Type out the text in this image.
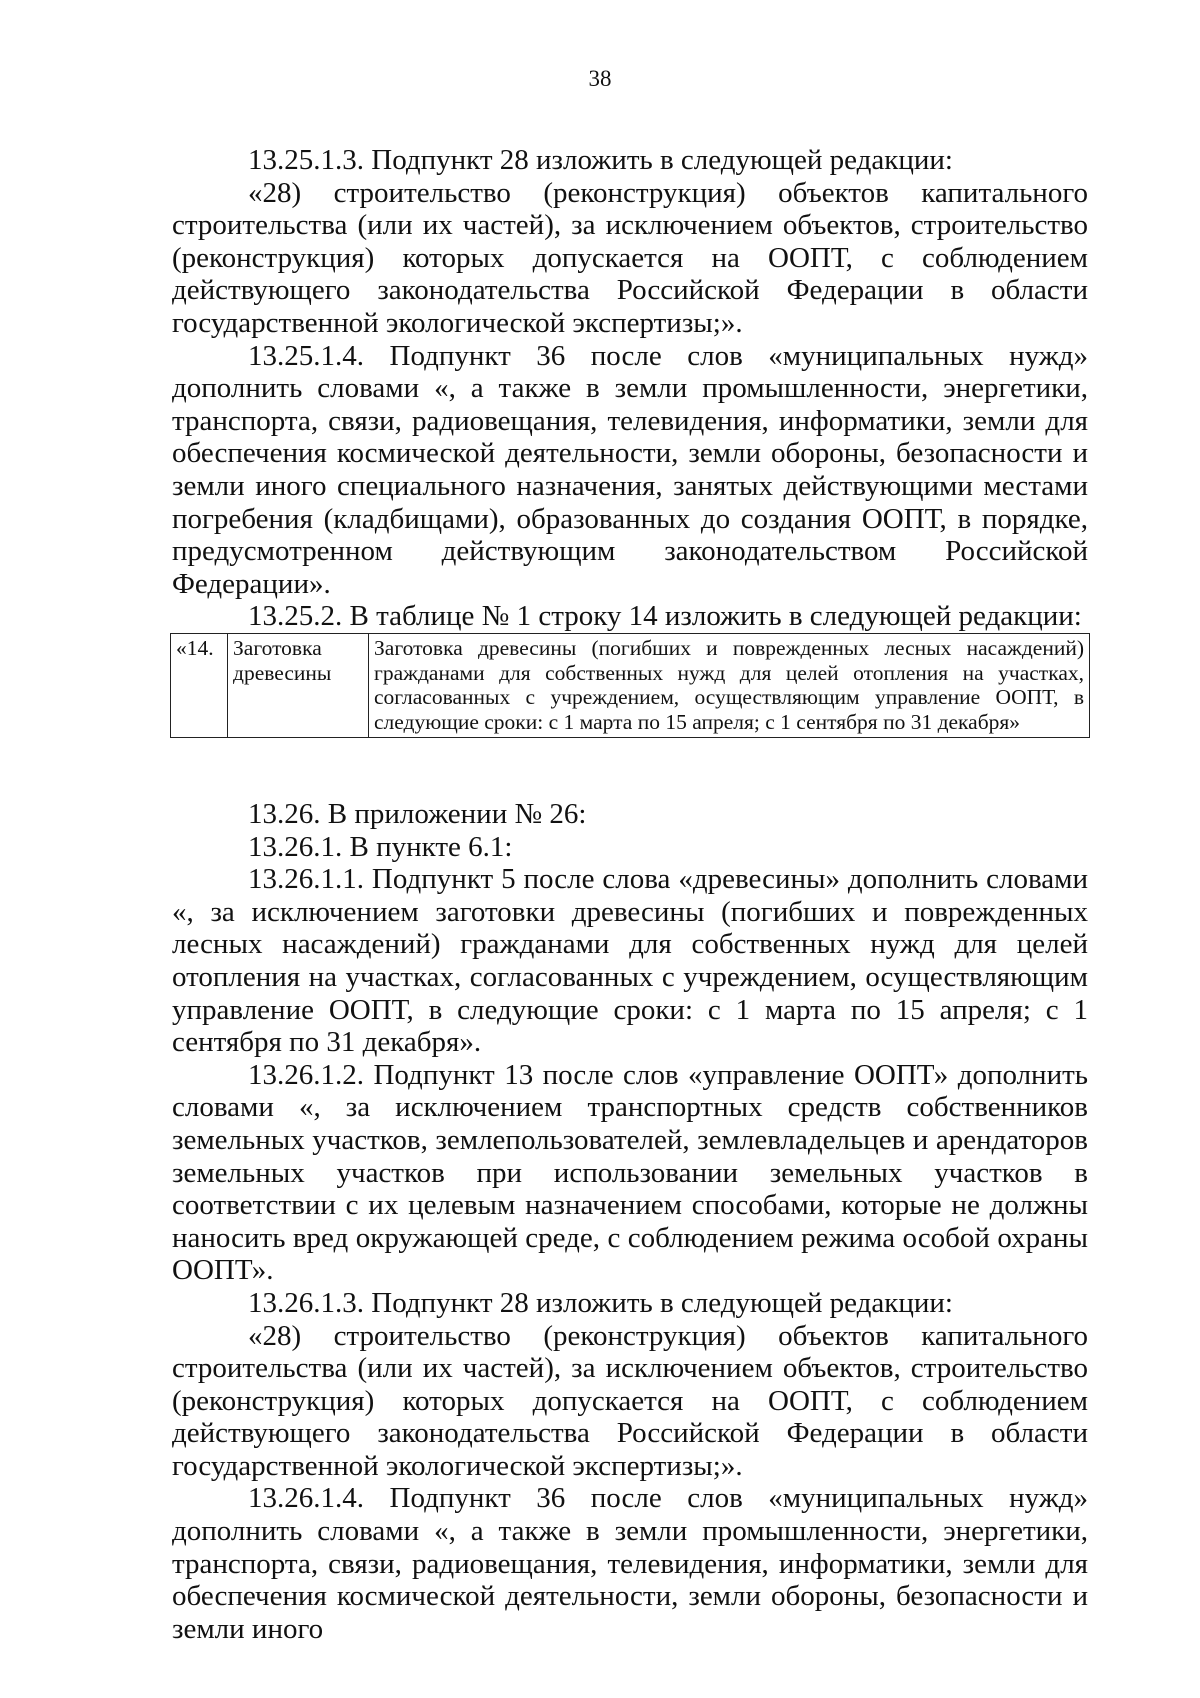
38

13.25.1.3. Подпункт 28 изложить в следующей редакции:

«28) строительство (реконструкция) объектов капитального строительства (или их частей), за исключением объектов, строительство (реконструкция) которых допускается на ООПТ, с соблюдением действующего законодательства Российской Федерации в области государственной экологической экспертизы;».

13.25.1.4. Подпункт 36 после слов «муниципальных нужд» дополнить словами «, а также в земли промышленности, энергетики, транспорта, связи, радиовещания, телевидения, информатики, земли для обеспечения космической деятельности, земли обороны, безопасности и земли иного специального назначения, занятых действующими местами погребения (кладбищами), образованных до создания ООПТ, в порядке, предусмотренном действующим законодательством Российской Федерации».

13.25.2. В таблице № 1 строку 14 изложить в следующей редакции:

«14.	Заготовка древесины	Заготовка древесины (погибших и поврежденных лесных насаждений) гражданами для собственных нужд для целей отопления на участках, согласованных с учреждением, осуществляющим управление ООПТ, в следующие сроки: с 1 марта по 15 апреля; с 1 сентября по 31 декабря»

13.26. В приложении № 26:

13.26.1. В пункте 6.1:

13.26.1.1. Подпункт 5 после слова «древесины» дополнить словами «, за исключением заготовки древесины (погибших и поврежденных лесных насаждений) гражданами для собственных нужд для целей отопления на участках, согласованных с учреждением, осуществляющим управление ООПТ, в следующие сроки: с 1 марта по 15 апреля; с 1 сентября по 31 декабря».

13.26.1.2. Подпункт 13 после слов «управление ООПТ» дополнить словами «, за исключением транспортных средств собственников земельных участков, землепользователей, землевладельцев и арендаторов земельных участков при использовании земельных участков в соответствии с их целевым назначением способами, которые не должны наносить вред окружающей среде, с соблюдением режима особой охраны ООПТ».

13.26.1.3. Подпункт 28 изложить в следующей редакции:

«28) строительство (реконструкция) объектов капитального строительства (или их частей), за исключением объектов, строительство (реконструкция) которых допускается на ООПТ, с соблюдением действующего законодательства Российской Федерации в области государственной экологической экспертизы;».

13.26.1.4. Подпункт 36 после слов «муниципальных нужд» дополнить словами «, а также в земли промышленности, энергетики, транспорта, связи, радиовещания, телевидения, информатики, земли для обеспечения космической деятельности, земли обороны, безопасности и земли иного
